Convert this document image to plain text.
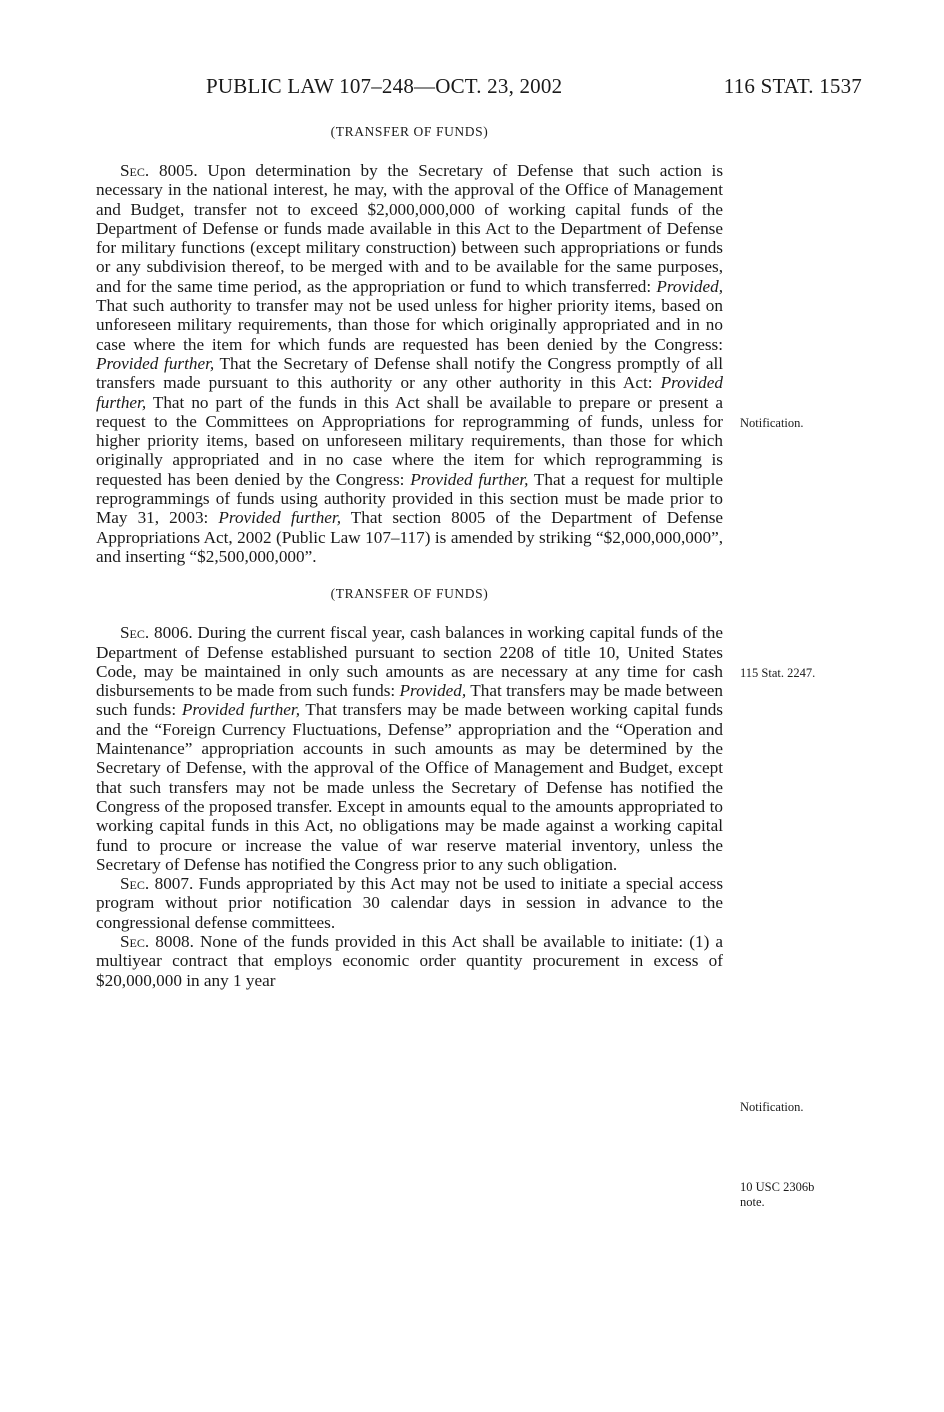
PUBLIC LAW 107–248—OCT. 23, 2002	116 STAT. 1537
(TRANSFER OF FUNDS)

Sec. 8005. Upon determination by the Secretary of Defense that such action is necessary in the national interest, he may, with the approval of the Office of Management and Budget, transfer not to exceed $2,000,000,000 of working capital funds of the Department of Defense or funds made available in this Act to the Department of Defense for military functions (except military construction) between such appropriations or funds or any subdivision thereof, to be merged with and to be available for the same purposes, and for the same time period, as the appropriation or fund to which transferred: Provided, That such authority to transfer may not be used unless for higher priority items, based on unforeseen military requirements, than those for which originally appropriated and in no case where the item for which funds are requested has been denied by the Congress: Provided further, That the Secretary of Defense shall notify the Congress promptly of all transfers made pursuant to this authority or any other authority in this Act: Provided further, That no part of the funds in this Act shall be available to prepare or present a request to the Committees on Appropriations for reprogramming of funds, unless for higher priority items, based on unforeseen military requirements, than those for which originally appropriated and in no case where the item for which reprogramming is requested has been denied by the Congress: Provided further, That a request for multiple reprogrammings of funds using authority provided in this section must be made prior to May 31, 2003: Provided further, That section 8005 of the Department of Defense Appropriations Act, 2002 (Public Law 107–117) is amended by striking “$2,000,000,000”, and inserting “$2,500,000,000”.

(TRANSFER OF FUNDS)

Sec. 8006. During the current fiscal year, cash balances in working capital funds of the Department of Defense established pursuant to section 2208 of title 10, United States Code, may be maintained in only such amounts as are necessary at any time for cash disbursements to be made from such funds: Provided, That transfers may be made between such funds: Provided further, That transfers may be made between working capital funds and the “Foreign Currency Fluctuations, Defense” appropriation and the “Operation and Maintenance” appropriation accounts in such amounts as may be determined by the Secretary of Defense, with the approval of the Office of Management and Budget, except that such transfers may not be made unless the Secretary of Defense has notified the Congress of the proposed transfer. Except in amounts equal to the amounts appropriated to working capital funds in this Act, no obligations may be made against a working capital fund to procure or increase the value of war reserve material inventory, unless the Secretary of Defense has notified the Congress prior to any such obligation.

Sec. 8007. Funds appropriated by this Act may not be used to initiate a special access program without prior notification 30 calendar days in session in advance to the congressional defense committees.

Sec. 8008. None of the funds provided in this Act shall be available to initiate: (1) a multiyear contract that employs economic order quantity procurement in excess of $20,000,000 in any 1 year

Notification.
115 Stat. 2247.
Notification.
10 USC 2306b
note.
